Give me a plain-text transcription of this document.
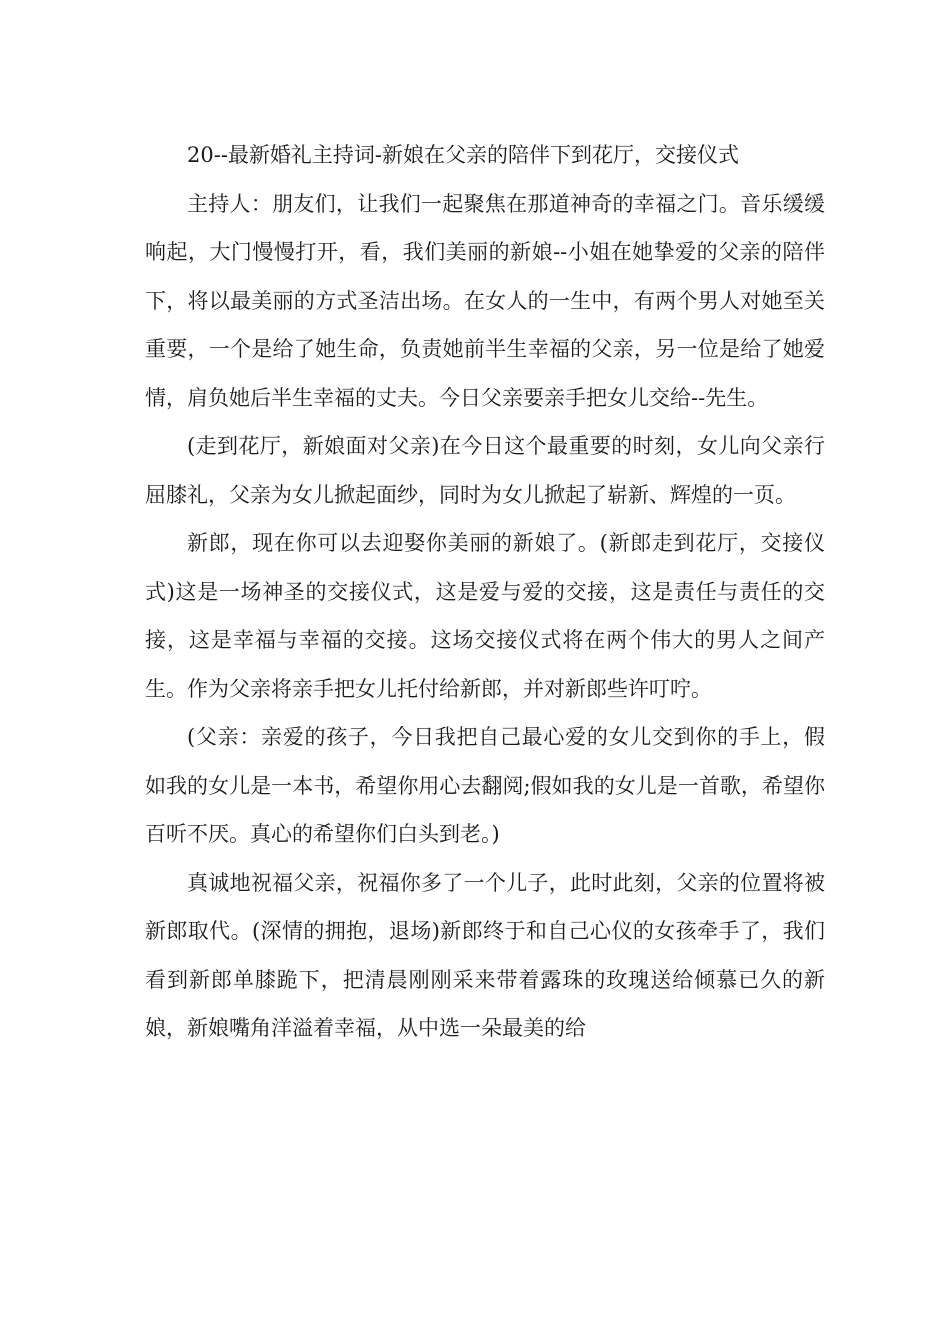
20--最新婚礼主持词-新娘在父亲的陪伴下到花厅，交接仪式

主持人：朋友们，让我们一起聚焦在那道神奇的幸福之门。音乐缓缓响起，大门慢慢打开，看，我们美丽的新娘--小姐在她挚爱的父亲的陪伴下，将以最美丽的方式圣洁出场。在女人的一生中，有两个男人对她至关重要，一个是给了她生命，负责她前半生幸福的父亲，另一位是给了她爱情，肩负她后半生幸福的丈夫。今日父亲要亲手把女儿交给--先生。

(走到花厅，新娘面对父亲)在今日这个最重要的时刻，女儿向父亲行屈膝礼，父亲为女儿掀起面纱，同时为女儿掀起了崭新、辉煌的一页。

新郎，现在你可以去迎娶你美丽的新娘了。(新郎走到花厅，交接仪式)这是一场神圣的交接仪式，这是爱与爱的交接，这是责任与责任的交接，这是幸福与幸福的交接。这场交接仪式将在两个伟大的男人之间产生。作为父亲将亲手把女儿托付给新郎，并对新郎些许叮咛。

(父亲：亲爱的孩子，今日我把自己最心爱的女儿交到你的手上，假如我的女儿是一本书，希望你用心去翻阅;假如我的女儿是一首歌，希望你百听不厌。真心的希望你们白头到老。)

真诚地祝福父亲，祝福你多了一个儿子，此时此刻，父亲的位置将被新郎取代。(深情的拥抱，退场)新郎终于和自己心仪的女孩牵手了，我们看到新郎单膝跪下，把清晨刚刚采来带着露珠的玫瑰送给倾慕已久的新娘，新娘嘴角洋溢着幸福，从中选一朵最美的给
